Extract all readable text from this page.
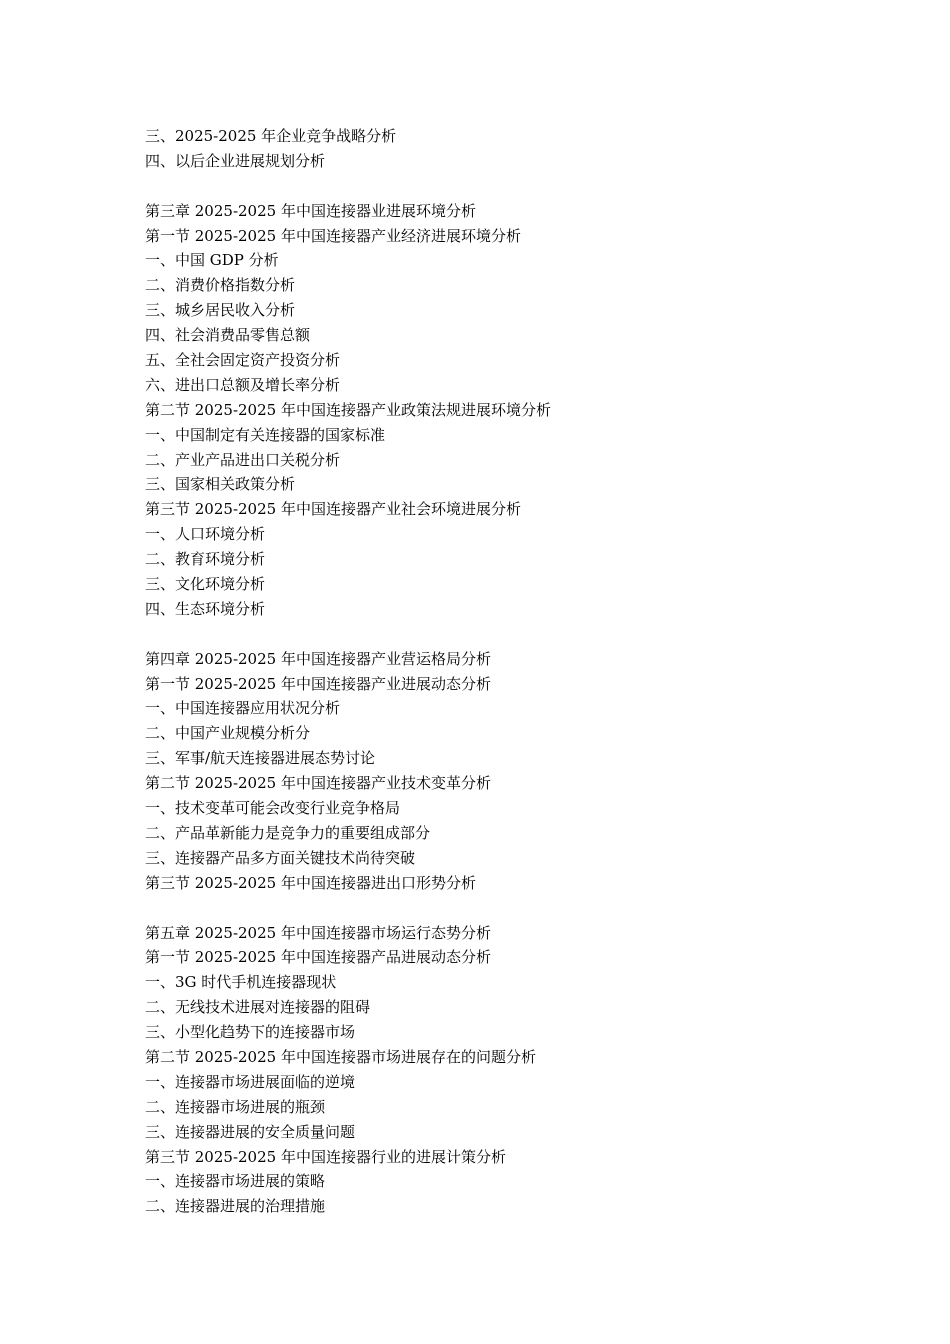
三、2025-2025 年企业竞争战略分析
四、以后企业进展规划分析
第三章 2025-2025 年中国连接器业进展环境分析
第一节 2025-2025 年中国连接器产业经济进展环境分析
一、中国 GDP 分析
二、消费价格指数分析
三、城乡居民收入分析
四、社会消费品零售总额
五、全社会固定资产投资分析
六、进出口总额及增长率分析
第二节 2025-2025 年中国连接器产业政策法规进展环境分析
一、中国制定有关连接器的国家标准
二、产业产品进出口关税分析
三、国家相关政策分析
第三节 2025-2025 年中国连接器产业社会环境进展分析
一、人口环境分析
二、教育环境分析
三、文化环境分析
四、生态环境分析
第四章 2025-2025 年中国连接器产业营运格局分析
第一节 2025-2025 年中国连接器产业进展动态分析
一、中国连接器应用状况分析
二、中国产业规模分析分
三、军事/航天连接器进展态势讨论
第二节 2025-2025 年中国连接器产业技术变革分析
一、技术变革可能会改变行业竞争格局
二、产品革新能力是竞争力的重要组成部分
三、连接器产品多方面关键技术尚待突破
第三节 2025-2025 年中国连接器进出口形势分析
第五章 2025-2025 年中国连接器市场运行态势分析
第一节 2025-2025 年中国连接器产品进展动态分析
一、3G 时代手机连接器现状
二、无线技术进展对连接器的阻碍
三、小型化趋势下的连接器市场
第二节 2025-2025 年中国连接器市场进展存在的问题分析
一、连接器市场进展面临的逆境
二、连接器市场进展的瓶颈
三、连接器进展的安全质量问题
第三节 2025-2025 年中国连接器行业的进展计策分析
一、连接器市场进展的策略
二、连接器进展的治理措施
